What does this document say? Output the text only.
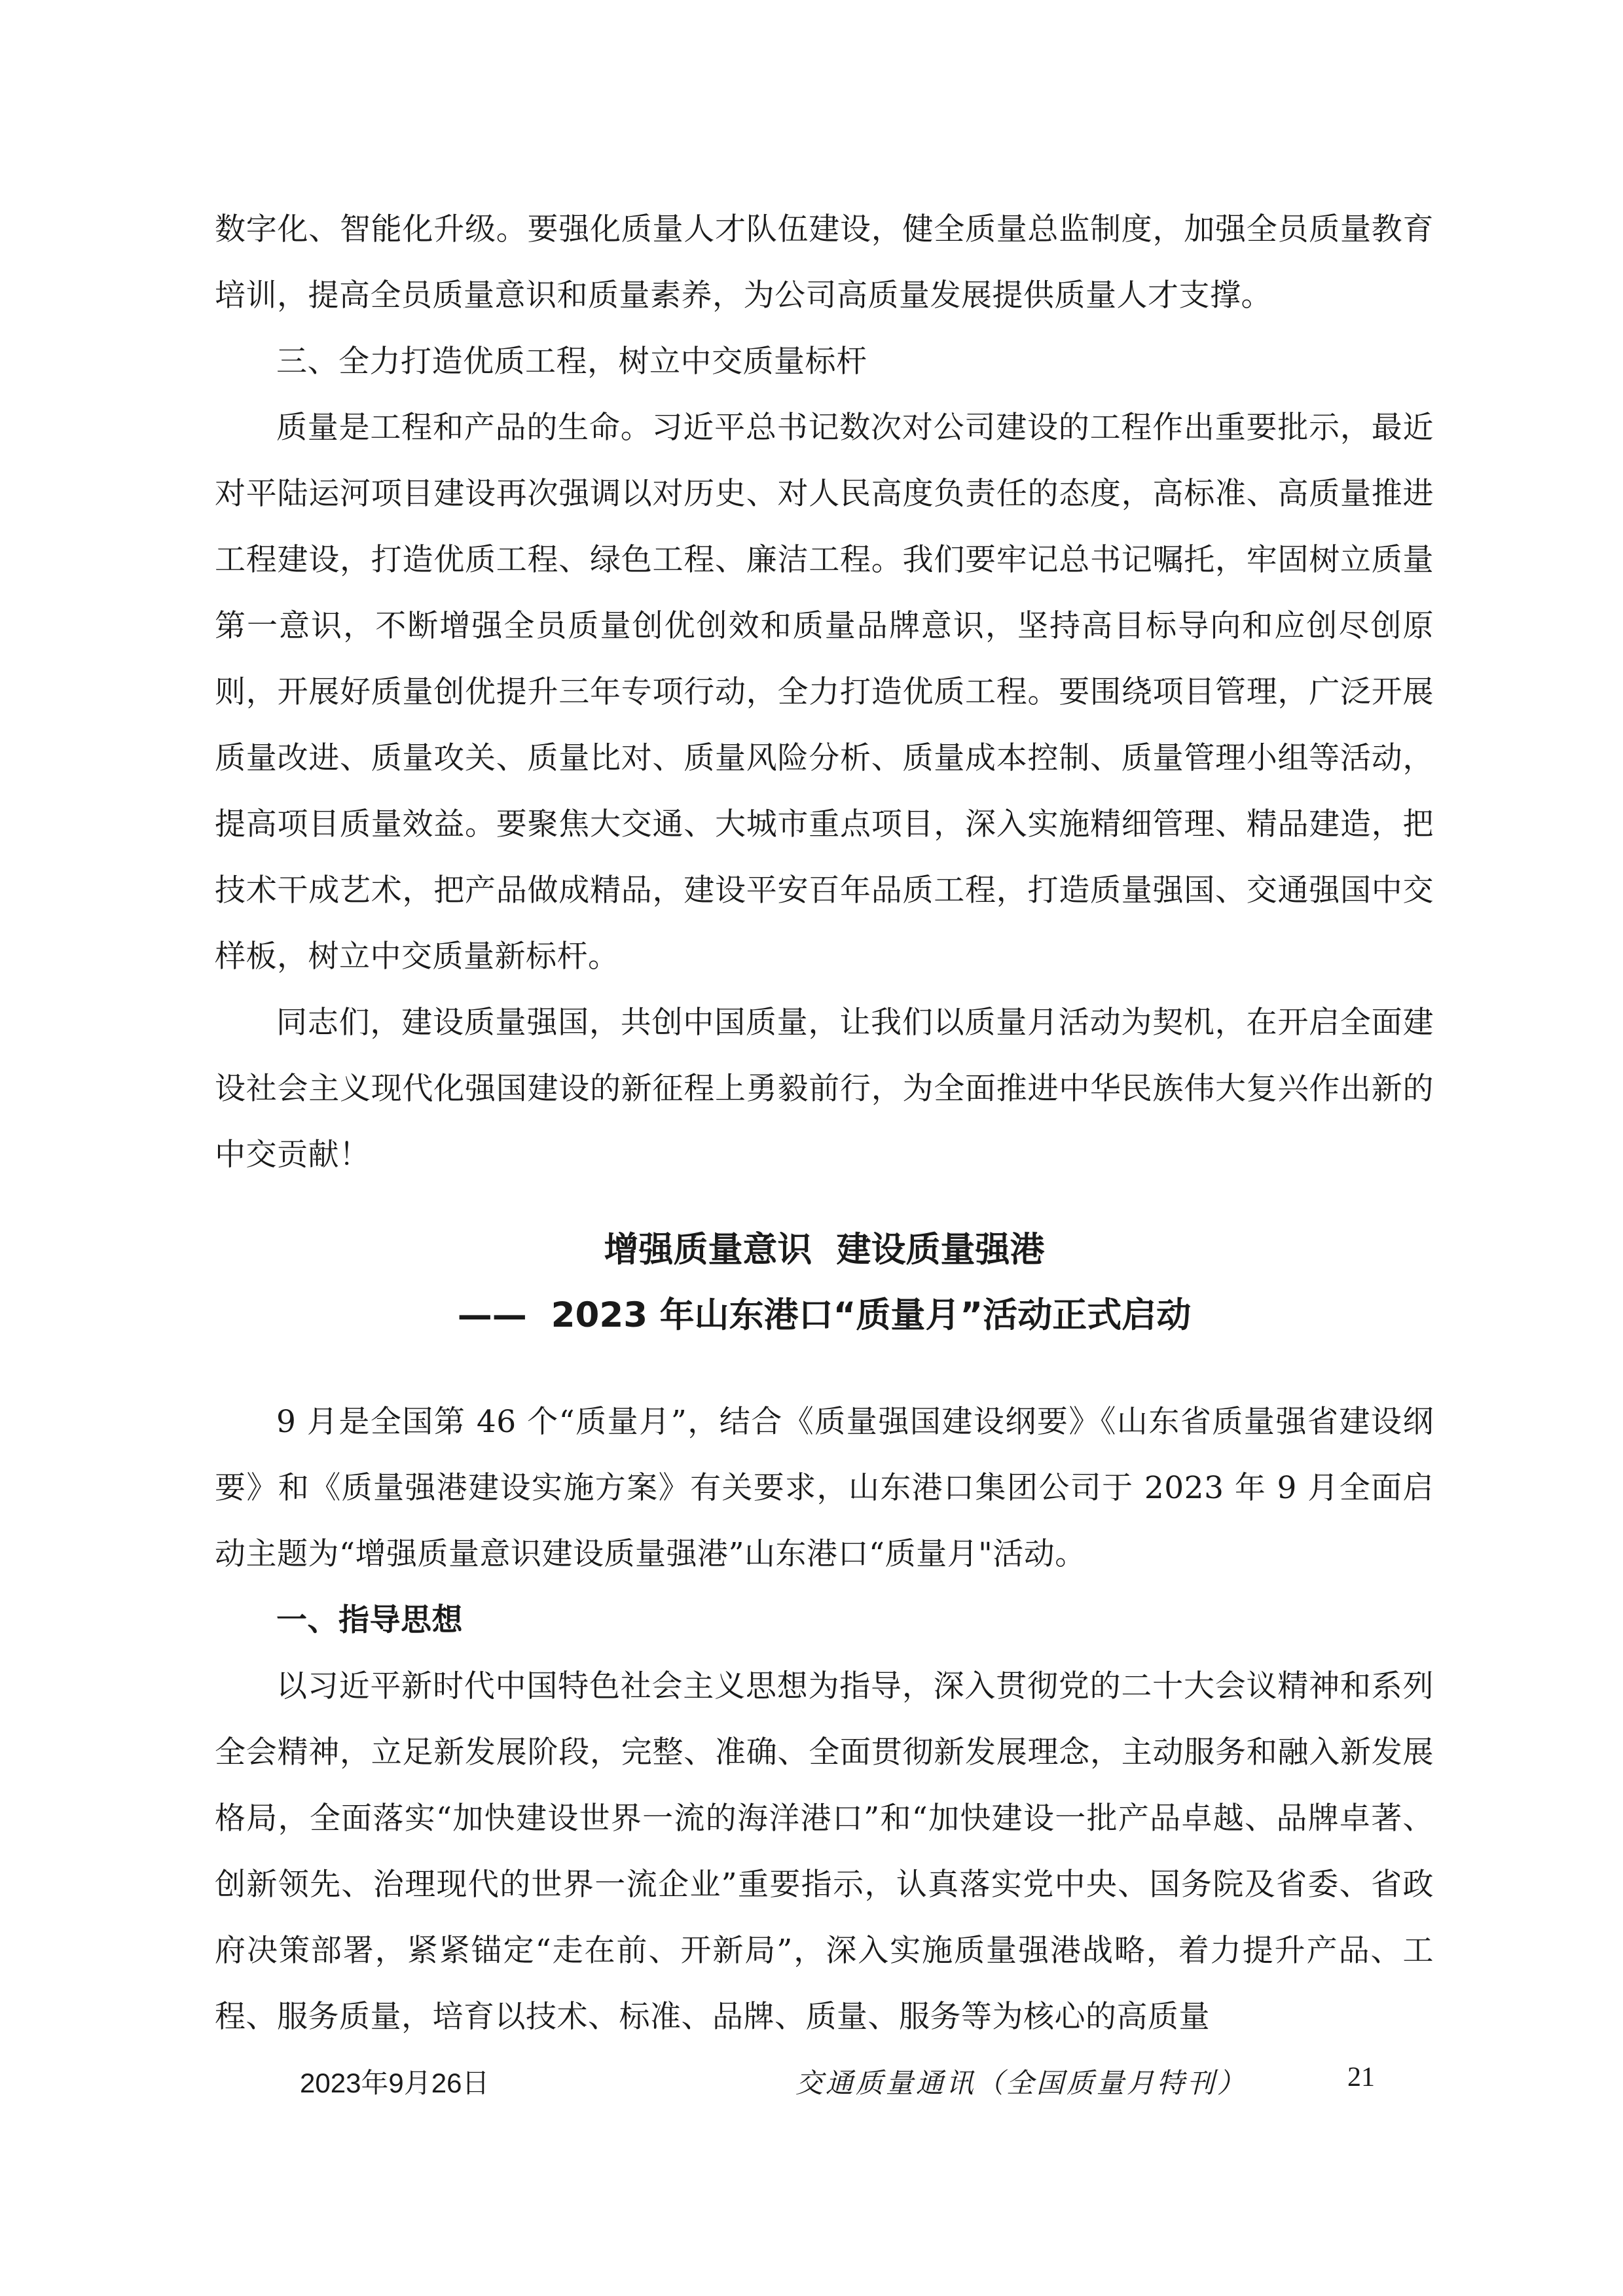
数字化、智能化升级。要强化质量人才队伍建设，健全质量总监制度，加强全员质量教育培训，提高全员质量意识和质量素养，为公司高质量发展提供质量人才支撑。

三、全力打造优质工程，树立中交质量标杆

质量是工程和产品的生命。习近平总书记数次对公司建设的工程作出重要批示，最近对平陆运河项目建设再次强调以对历史、对人民高度负责任的态度，高标准、高质量推进工程建设，打造优质工程、绿色工程、廉洁工程。我们要牢记总书记嘱托，牢固树立质量第一意识，不断增强全员质量创优创效和质量品牌意识，坚持高目标导向和应创尽创原则，开展好质量创优提升三年专项行动，全力打造优质工程。要围绕项目管理，广泛开展质量改进、质量攻关、质量比对、质量风险分析、质量成本控制、质量管理小组等活动，提高项目质量效益。要聚焦大交通、大城市重点项目，深入实施精细管理、精品建造，把技术干成艺术，把产品做成精品，建设平安百年品质工程，打造质量强国、交通强国中交样板，树立中交质量新标杆。

同志们，建设质量强国，共创中国质量，让我们以质量月活动为契机，在开启全面建设社会主义现代化强国建设的新征程上勇毅前行，为全面推进中华民族伟大复兴作出新的中交贡献！

增强质量意识  建设质量强港
——  2023 年山东港口“质量月”活动正式启动

9 月是全国第 46 个“质量月”，结合《质量强国建设纲要》《山东省质量强省建设纲要》和《质量强港建设实施方案》有关要求，山东港口集团公司于 2023 年 9 月全面启动主题为“增强质量意识建设质量强港”山东港口“质量月"活动。

一、指导思想

以习近平新时代中国特色社会主义思想为指导，深入贯彻党的二十大会议精神和系列全会精神，立足新发展阶段，完整、准确、全面贯彻新发展理念，主动服务和融入新发展格局，全面落实“加快建设世界一流的海洋港口”和“加快建设一批产品卓越、品牌卓著、创新领先、治理现代的世界一流企业”重要指示，认真落实党中央、国务院及省委、省政府决策部署，紧紧锚定“走在前、开新局”，深入实施质量强港战略，着力提升产品、工程、服务质量，培育以技术、标准、品牌、质量、服务等为核心的高质量

2023年9月26日	交通质量通讯（全国质量月特刊）	21
